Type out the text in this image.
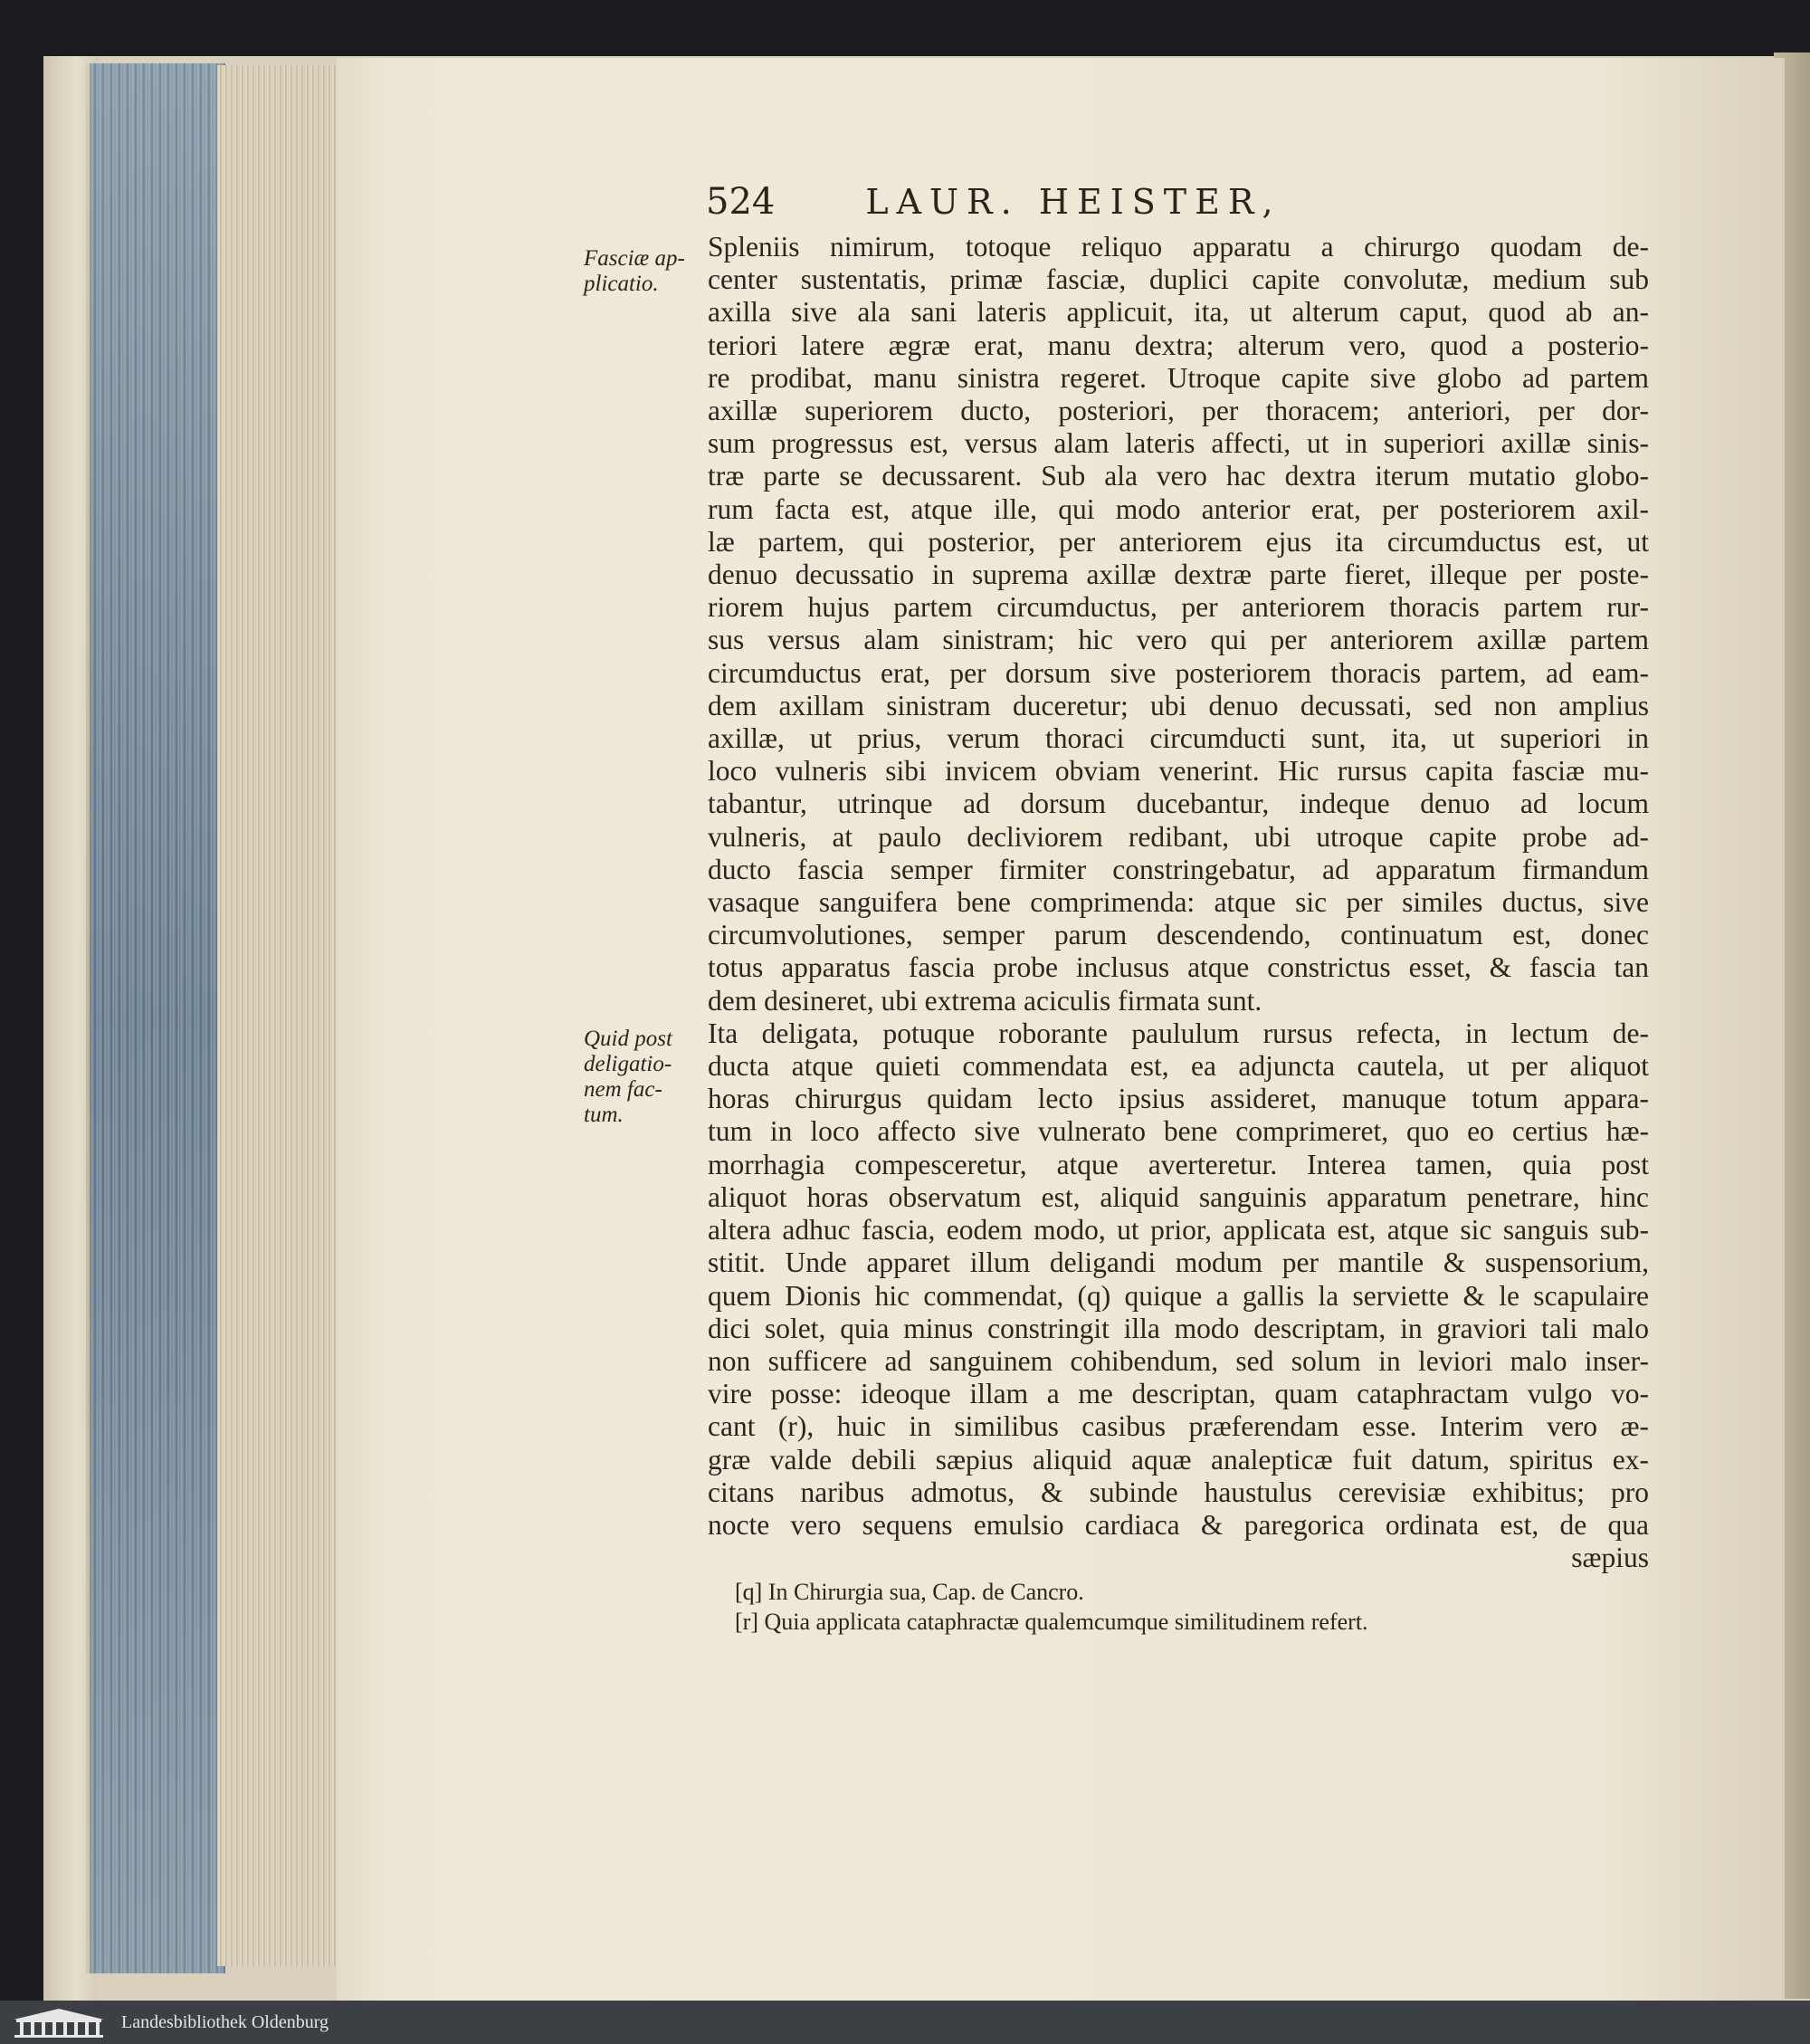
524	LAUR. HEISTER,
Fasciæ ap-plicatio.
Quid post deligatio-nem fac-tum.
Spleniis nimirum, totoque reliquo apparatu a chirurgo quodam de-
center sustentatis, primæ fasciæ, duplici capite convolutæ, medium sub
axilla sive ala sani lateris applicuit, ita, ut alterum caput, quod ab an-
teriori latere ægræ erat, manu dextra; alterum vero, quod a posterio-
re prodibat, manu sinistra regeret. Utroque capite sive globo ad partem
axillæ superiorem ducto, posteriori, per thoracem; anteriori, per dor-
sum progressus est, versus alam lateris affecti, ut in superiori axillæ sinis-
træ parte se decussarent. Sub ala vero hac dextra iterum mutatio globo-
rum facta est, atque ille, qui modo anterior erat, per posteriorem axil-
læ partem, qui posterior, per anteriorem ejus ita circumductus est, ut
denuo decussatio in suprema axillæ dextræ parte fieret, illeque per poste-
riorem hujus partem circumductus, per anteriorem thoracis partem rur-
sus versus alam sinistram; hic vero qui per anteriorem axillæ partem
circumductus erat, per dorsum sive posteriorem thoracis partem, ad eam-
dem axillam sinistram duceretur; ubi denuo decussati, sed non amplius
axillæ, ut prius, verum thoraci circumducti sunt, ita, ut superiori in
loco vulneris sibi invicem obviam venerint. Hic rursus capita fasciæ mu-
tabantur, utrinque ad dorsum ducebantur, indeque denuo ad locum
vulneris, at paulo decliviorem redibant, ubi utroque capite probe ad-
ducto fascia semper firmiter constringebatur, ad apparatum firmandum
vasaque sanguifera bene comprimenda: atque sic per similes ductus, sive
circumvolutiones, semper parum descendendo, continuatum est, donec
totus apparatus fascia probe inclusus atque constrictus esset, & fascia tan
dem desineret, ubi extrema aciculis firmata sunt.
Ita deligata, potuque roborante paululum rursus refecta, in lectum de-
ducta atque quieti commendata est, ea adjuncta cautela, ut per aliquot
horas chirurgus quidam lecto ipsius assideret, manuque totum appara-
tum in loco affecto sive vulnerato bene comprimeret, quo eo certius hæ-
morrhagia compesceretur, atque averteretur. Interea tamen, quia post
aliquot horas observatum est, aliquid sanguinis apparatum penetrare, hinc
altera adhuc fascia, eodem modo, ut prior, applicata est, atque sic sanguis sub-
stitit. Unde apparet illum deligandi modum per mantile & suspensorium,
quem Dionis hic commendat, (q) quique a gallis la serviette & le scapulaire
dici solet, quia minus constringit illa modo descriptam, in graviori tali malo
non sufficere ad sanguinem cohibendum, sed solum in leviori malo inser-
vire posse: ideoque illam a me descriptan, quam cataphractam vulgo vo-
cant (r), huic in similibus casibus præferendam esse. Interim vero æ-
græ valde debili sæpius aliquid aquæ analepticæ fuit datum, spiritus ex-
citans naribus admotus, & subinde haustulus cerevisiæ exhibitus; pro
nocte vero sequens emulsio cardiaca & paregorica ordinata est, de qua
sæpius
[q] In Chirurgia sua, Cap. de Cancro.
[r] Quia applicata cataphractæ qualemcumque similitudinem refert.
Landesbibliothek Oldenburg
